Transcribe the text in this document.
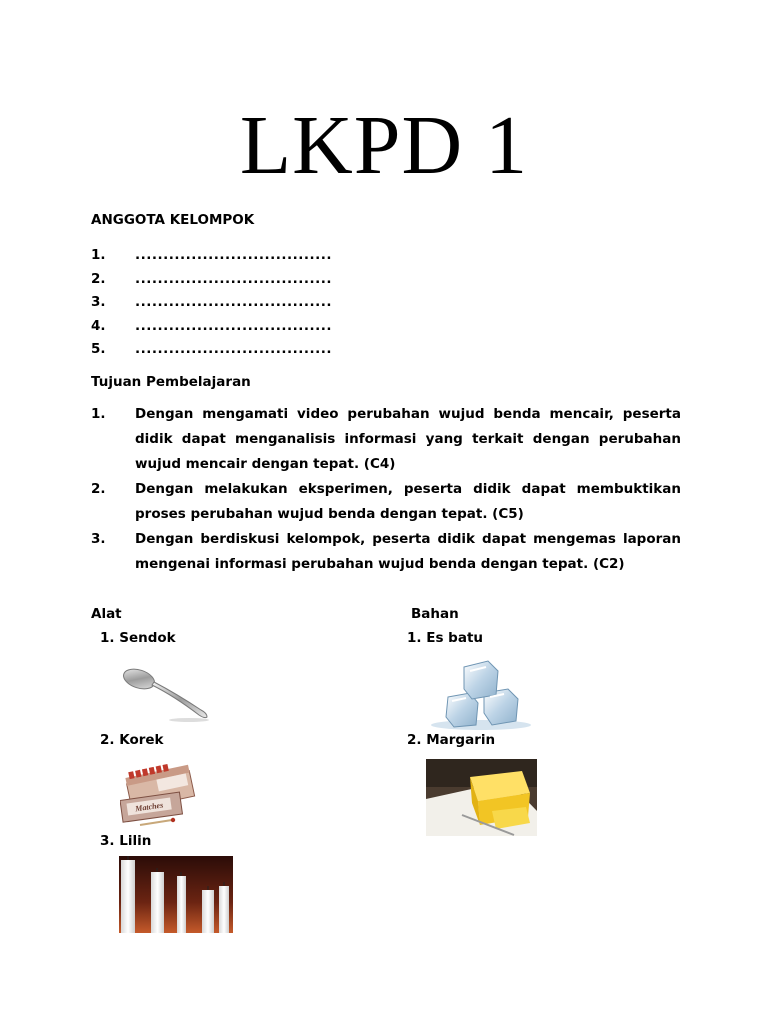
LKPD 1
ANGGOTA KELOMPOK
1.	...................................
2.	...................................
3.	...................................
4.	...................................
5.	...................................
Tujuan Pembelajaran
1.	Dengan mengamati video perubahan wujud benda mencair, peserta didik dapat menganalisis informasi yang terkait dengan perubahan wujud mencair dengan tepat. (C4)
2.	Dengan melakukan eksperimen, peserta didik dapat membuktikan proses perubahan wujud benda dengan tepat. (C5)
3.	Dengan berdiskusi kelompok, peserta didik dapat mengemas laporan mengenai informasi perubahan wujud benda dengan tepat. (C2)
Alat
1. Sendok
2. Korek
3. Lilin
Bahan
1. Es batu
2. Margarin
Matches
